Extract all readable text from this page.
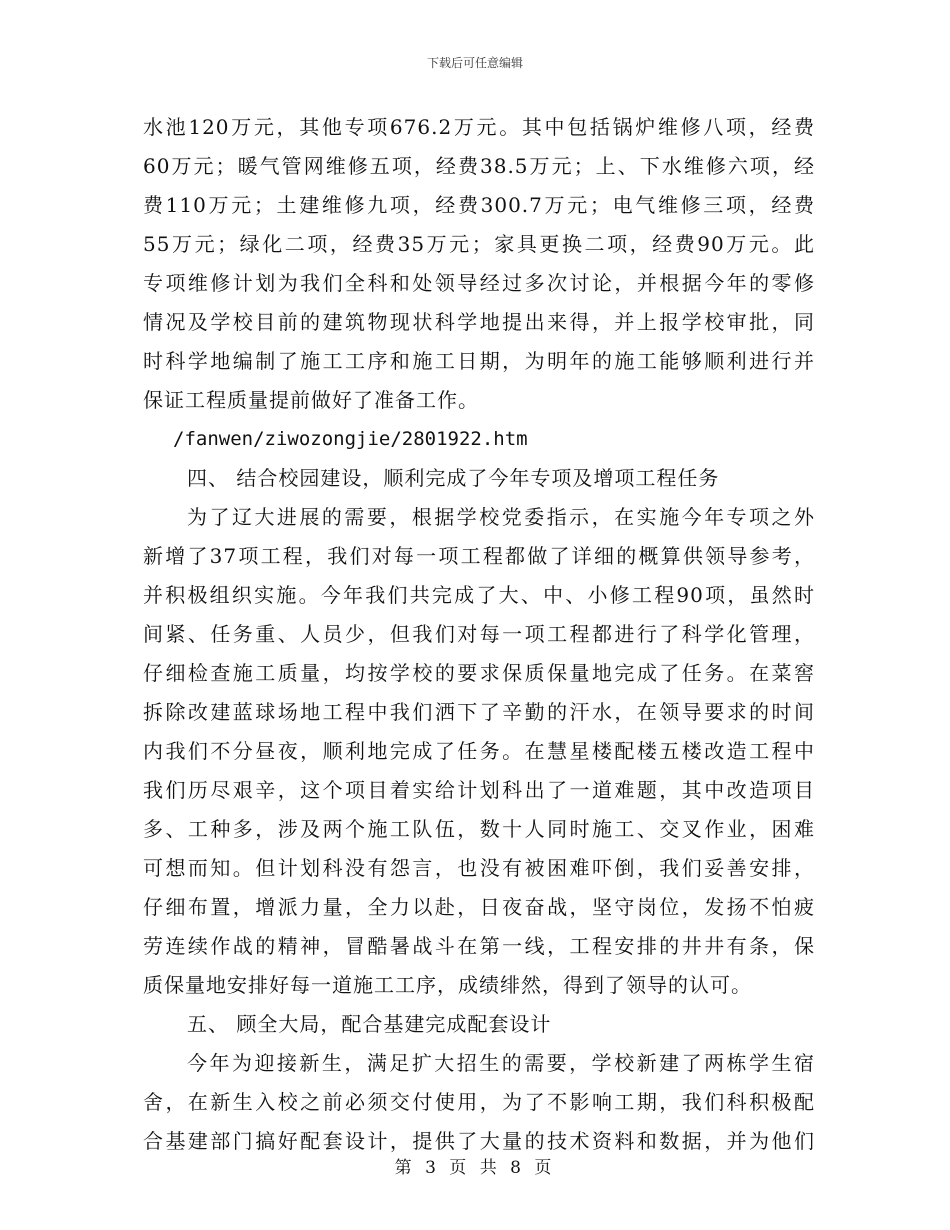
下载后可任意编辑
水池120万元，其他专项676.2万元。其中包括锅炉维修八项，经费
60万元；暖气管网维修五项，经费38.5万元；上、下水维修六项，经
费110万元；土建维修九项，经费300.7万元；电气维修三项，经费
55万元；绿化二项，经费35万元；家具更换二项，经费90万元。此
专项维修计划为我们全科和处领导经过多次讨论，并根据今年的零修
情况及学校目前的建筑物现状科学地提出来得，并上报学校审批，同
时科学地编制了施工工序和施工日期，为明年的施工能够顺利进行并
保证工程质量提前做好了准备工作。
/fanwen/ziwozongjie/2801922.htm
四、 结合校园建设，顺利完成了今年专项及增项工程任务
为了辽大进展的需要，根据学校党委指示，在实施今年专项之外
新增了37项工程，我们对每一项工程都做了详细的概算供领导参考，
并积极组织实施。今年我们共完成了大、中、小修工程90项，虽然时
间紧、任务重、人员少，但我们对每一项工程都进行了科学化管理，
仔细检查施工质量，均按学校的要求保质保量地完成了任务。在菜窖
拆除改建蓝球场地工程中我们洒下了辛勤的汗水，在领导要求的时间
内我们不分昼夜，顺利地完成了任务。在慧星楼配楼五楼改造工程中
我们历尽艰辛，这个项目着实给计划科出了一道难题，其中改造项目
多、工种多，涉及两个施工队伍，数十人同时施工、交叉作业，困难
可想而知。但计划科没有怨言，也没有被困难吓倒，我们妥善安排，
仔细布置，增派力量，全力以赴，日夜奋战，坚守岗位，发扬不怕疲
劳连续作战的精神，冒酷暑战斗在第一线，工程安排的井井有条，保
质保量地安排好每一道施工工序，成绩绯然，得到了领导的认可。
五、 顾全大局，配合基建完成配套设计
今年为迎接新生，满足扩大招生的需要，学校新建了两栋学生宿
舍，在新生入校之前必须交付使用，为了不影响工期，我们科积极配
合基建部门搞好配套设计，提供了大量的技术资料和数据，并为他们
第 3 页 共 8 页
